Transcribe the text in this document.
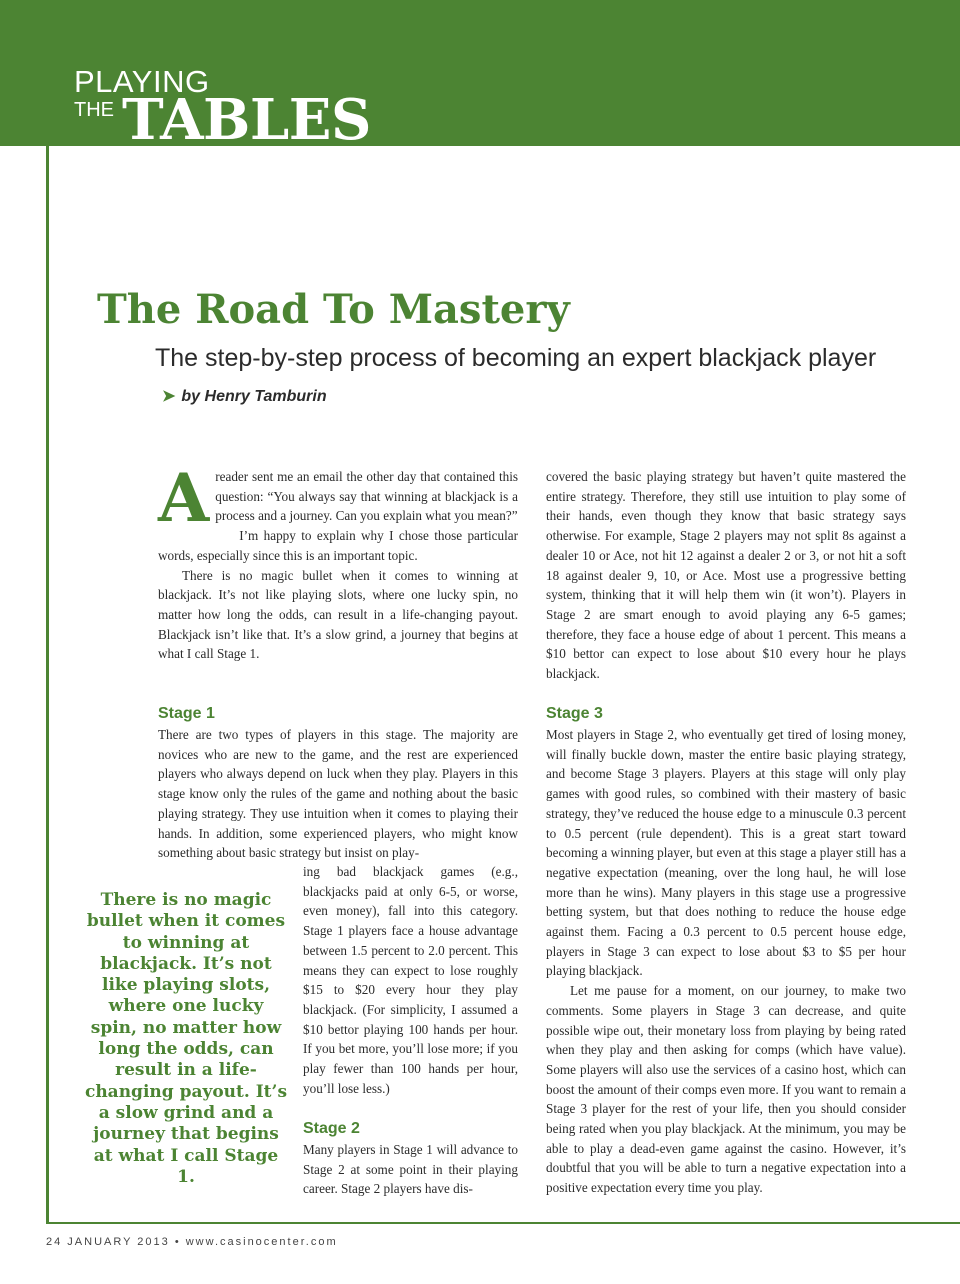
PLAYING
THE TABLES
The Road To Mastery
The step-by-step process of becoming an expert blackjack player
➤ by Henry Tamburin
A reader sent me an email the other day that contained this question: “You always say that winning at blackjack is a process and a journey. Can you explain what you mean?”

I’m happy to explain why I chose those particular words, especially since this is an important topic.

There is no magic bullet when it comes to winning at blackjack. It’s not like playing slots, where one lucky spin, no matter how long the odds, can result in a life-changing payout. Blackjack isn’t like that. It’s a slow grind, a journey that begins at what I call Stage 1.

Stage 1

There are two types of players in this stage. The majority are novices who are new to the game, and the rest are experienced players who always depend on luck when they play. Players in this stage know only the rules of the game and nothing about the basic playing strategy. They use intuition when it comes to playing their hands. In addition, some experienced players, who might know something about basic strategy but insist on play-

There is no magic bullet when it comes to winning at blackjack. It’s not like playing slots, where one lucky spin, no matter how long the odds, can result in a life-changing payout. It’s a slow grind and a journey that begins at what I call Stage 1.

ing bad blackjack games (e.g., blackjacks paid at only 6-5, or worse, even money), fall into this category. Stage 1 players face a house advantage between 1.5 percent to 2.0 percent. This means they can expect to lose roughly $15 to $20 every hour they play blackjack. (For simplicity, I assumed a $10 bettor playing 100 hands per hour. If you bet more, you’ll lose more; if you play fewer than 100 hands per hour, you’ll lose less.)

Stage 2

Many players in Stage 1 will advance to Stage 2 at some point in their playing career. Stage 2 players have dis-

covered the basic playing strategy but haven’t quite mastered the entire strategy. Therefore, they still use intuition to play some of their hands, even though they know that basic strategy says otherwise. For example, Stage 2 players may not split 8s against a dealer 10 or Ace, not hit 12 against a dealer 2 or 3, or not hit a soft 18 against dealer 9, 10, or Ace. Most use a progressive betting system, thinking that it will help them win (it won’t). Players in Stage 2 are smart enough to avoid playing any 6-5 games; therefore, they face a house edge of about 1 percent. This means a $10 bettor can expect to lose about $10 every hour he plays blackjack.

Stage 3

Most players in Stage 2, who eventually get tired of losing money, will finally buckle down, master the entire basic playing strategy, and become Stage 3 players. Players at this stage will only play games with good rules, so combined with their mastery of basic strategy, they’ve reduced the house edge to a minuscule 0.3 percent to 0.5 percent (rule dependent). This is a great start toward becoming a winning player, but even at this stage a player still has a negative expectation (meaning, over the long haul, he will lose more than he wins). Many players in this stage use a progressive betting system, but that does nothing to reduce the house edge against them. Facing a 0.3 percent to 0.5 percent house edge, players in Stage 3 can expect to lose about $3 to $5 per hour playing blackjack.

Let me pause for a moment, on our journey, to make two comments. Some players in Stage 3 can decrease, and quite possible wipe out, their monetary loss from playing by being rated when they play and then asking for comps (which have value). Some players will also use the services of a casino host, which can boost the amount of their comps even more. If you want to remain a Stage 3 player for the rest of your life, then you should consider being rated when you play blackjack. At the minimum, you may be able to play a dead-even game against the casino. However, it’s doubtful that you will be able to turn a negative expectation into a positive expectation every time you play.

24 JANUARY 2013 • www.casinocenter.com
